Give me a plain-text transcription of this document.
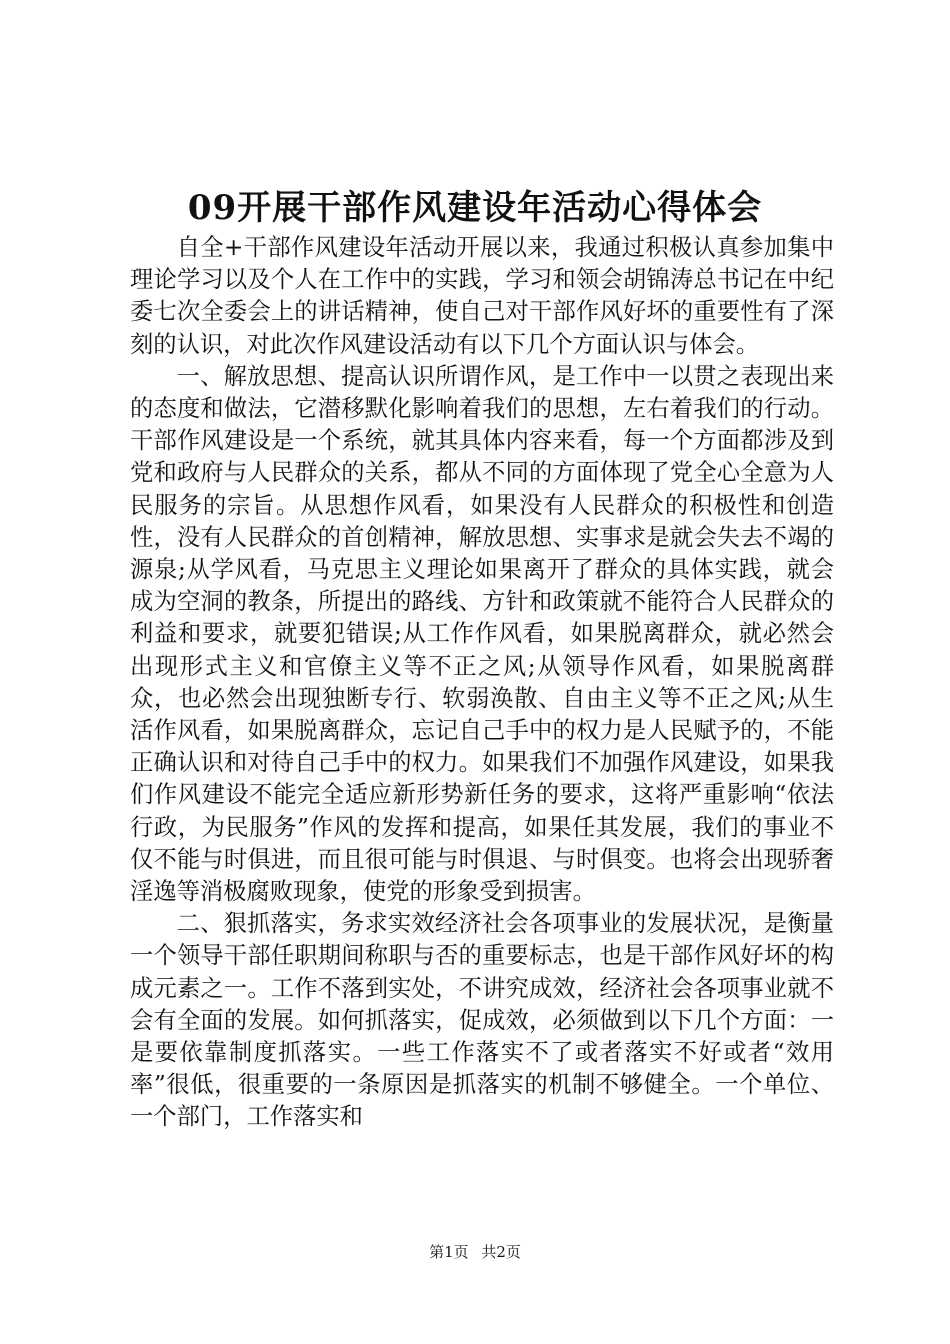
09开展干部作风建设年活动心得体会

自全+干部作风建设年活动开展以来，我通过积极认真参加集中理论学习以及个人在工作中的实践，学习和领会胡锦涛总书记在中纪委七次全委会上的讲话精神，使自己对干部作风好坏的重要性有了深刻的认识，对此次作风建设活动有以下几个方面认识与体会。

一、解放思想、提高认识所谓作风，是工作中一以贯之表现出来的态度和做法，它潜移默化影响着我们的思想，左右着我们的行动。干部作风建设是一个系统，就其具体内容来看，每一个方面都涉及到党和政府与人民群众的关系，都从不同的方面体现了党全心全意为人民服务的宗旨。从思想作风看，如果没有人民群众的积极性和创造性，没有人民群众的首创精神，解放思想、实事求是就会失去不竭的源泉;从学风看，马克思主义理论如果离开了群众的具体实践，就会成为空洞的教条，所提出的路线、方针和政策就不能符合人民群众的利益和要求，就要犯错误;从工作作风看，如果脱离群众，就必然会出现形式主义和官僚主义等不正之风;从领导作风看，如果脱离群众，也必然会出现独断专行、软弱涣散、自由主义等不正之风;从生活作风看，如果脱离群众，忘记自己手中的权力是人民赋予的，不能正确认识和对待自己手中的权力。如果我们不加强作风建设，如果我们作风建设不能完全适应新形势新任务的要求，这将严重影响“依法行政，为民服务”作风的发挥和提高，如果任其发展，我们的事业不仅不能与时俱进，而且很可能与时俱退、与时俱变。也将会出现骄奢淫逸等消极腐败现象，使党的形象受到损害。

二、狠抓落实，务求实效经济社会各项事业的发展状况，是衡量一个领导干部任职期间称职与否的重要标志，也是干部作风好坏的构成元素之一。工作不落到实处，不讲究成效，经济社会各项事业就不会有全面的发展。如何抓落实，促成效，必须做到以下几个方面：一是要依靠制度抓落实。一些工作落实不了或者落实不好或者“效用率”很低，很重要的一条原因是抓落实的机制不够健全。一个单位、一个部门，工作落实和

第1页 共2页
